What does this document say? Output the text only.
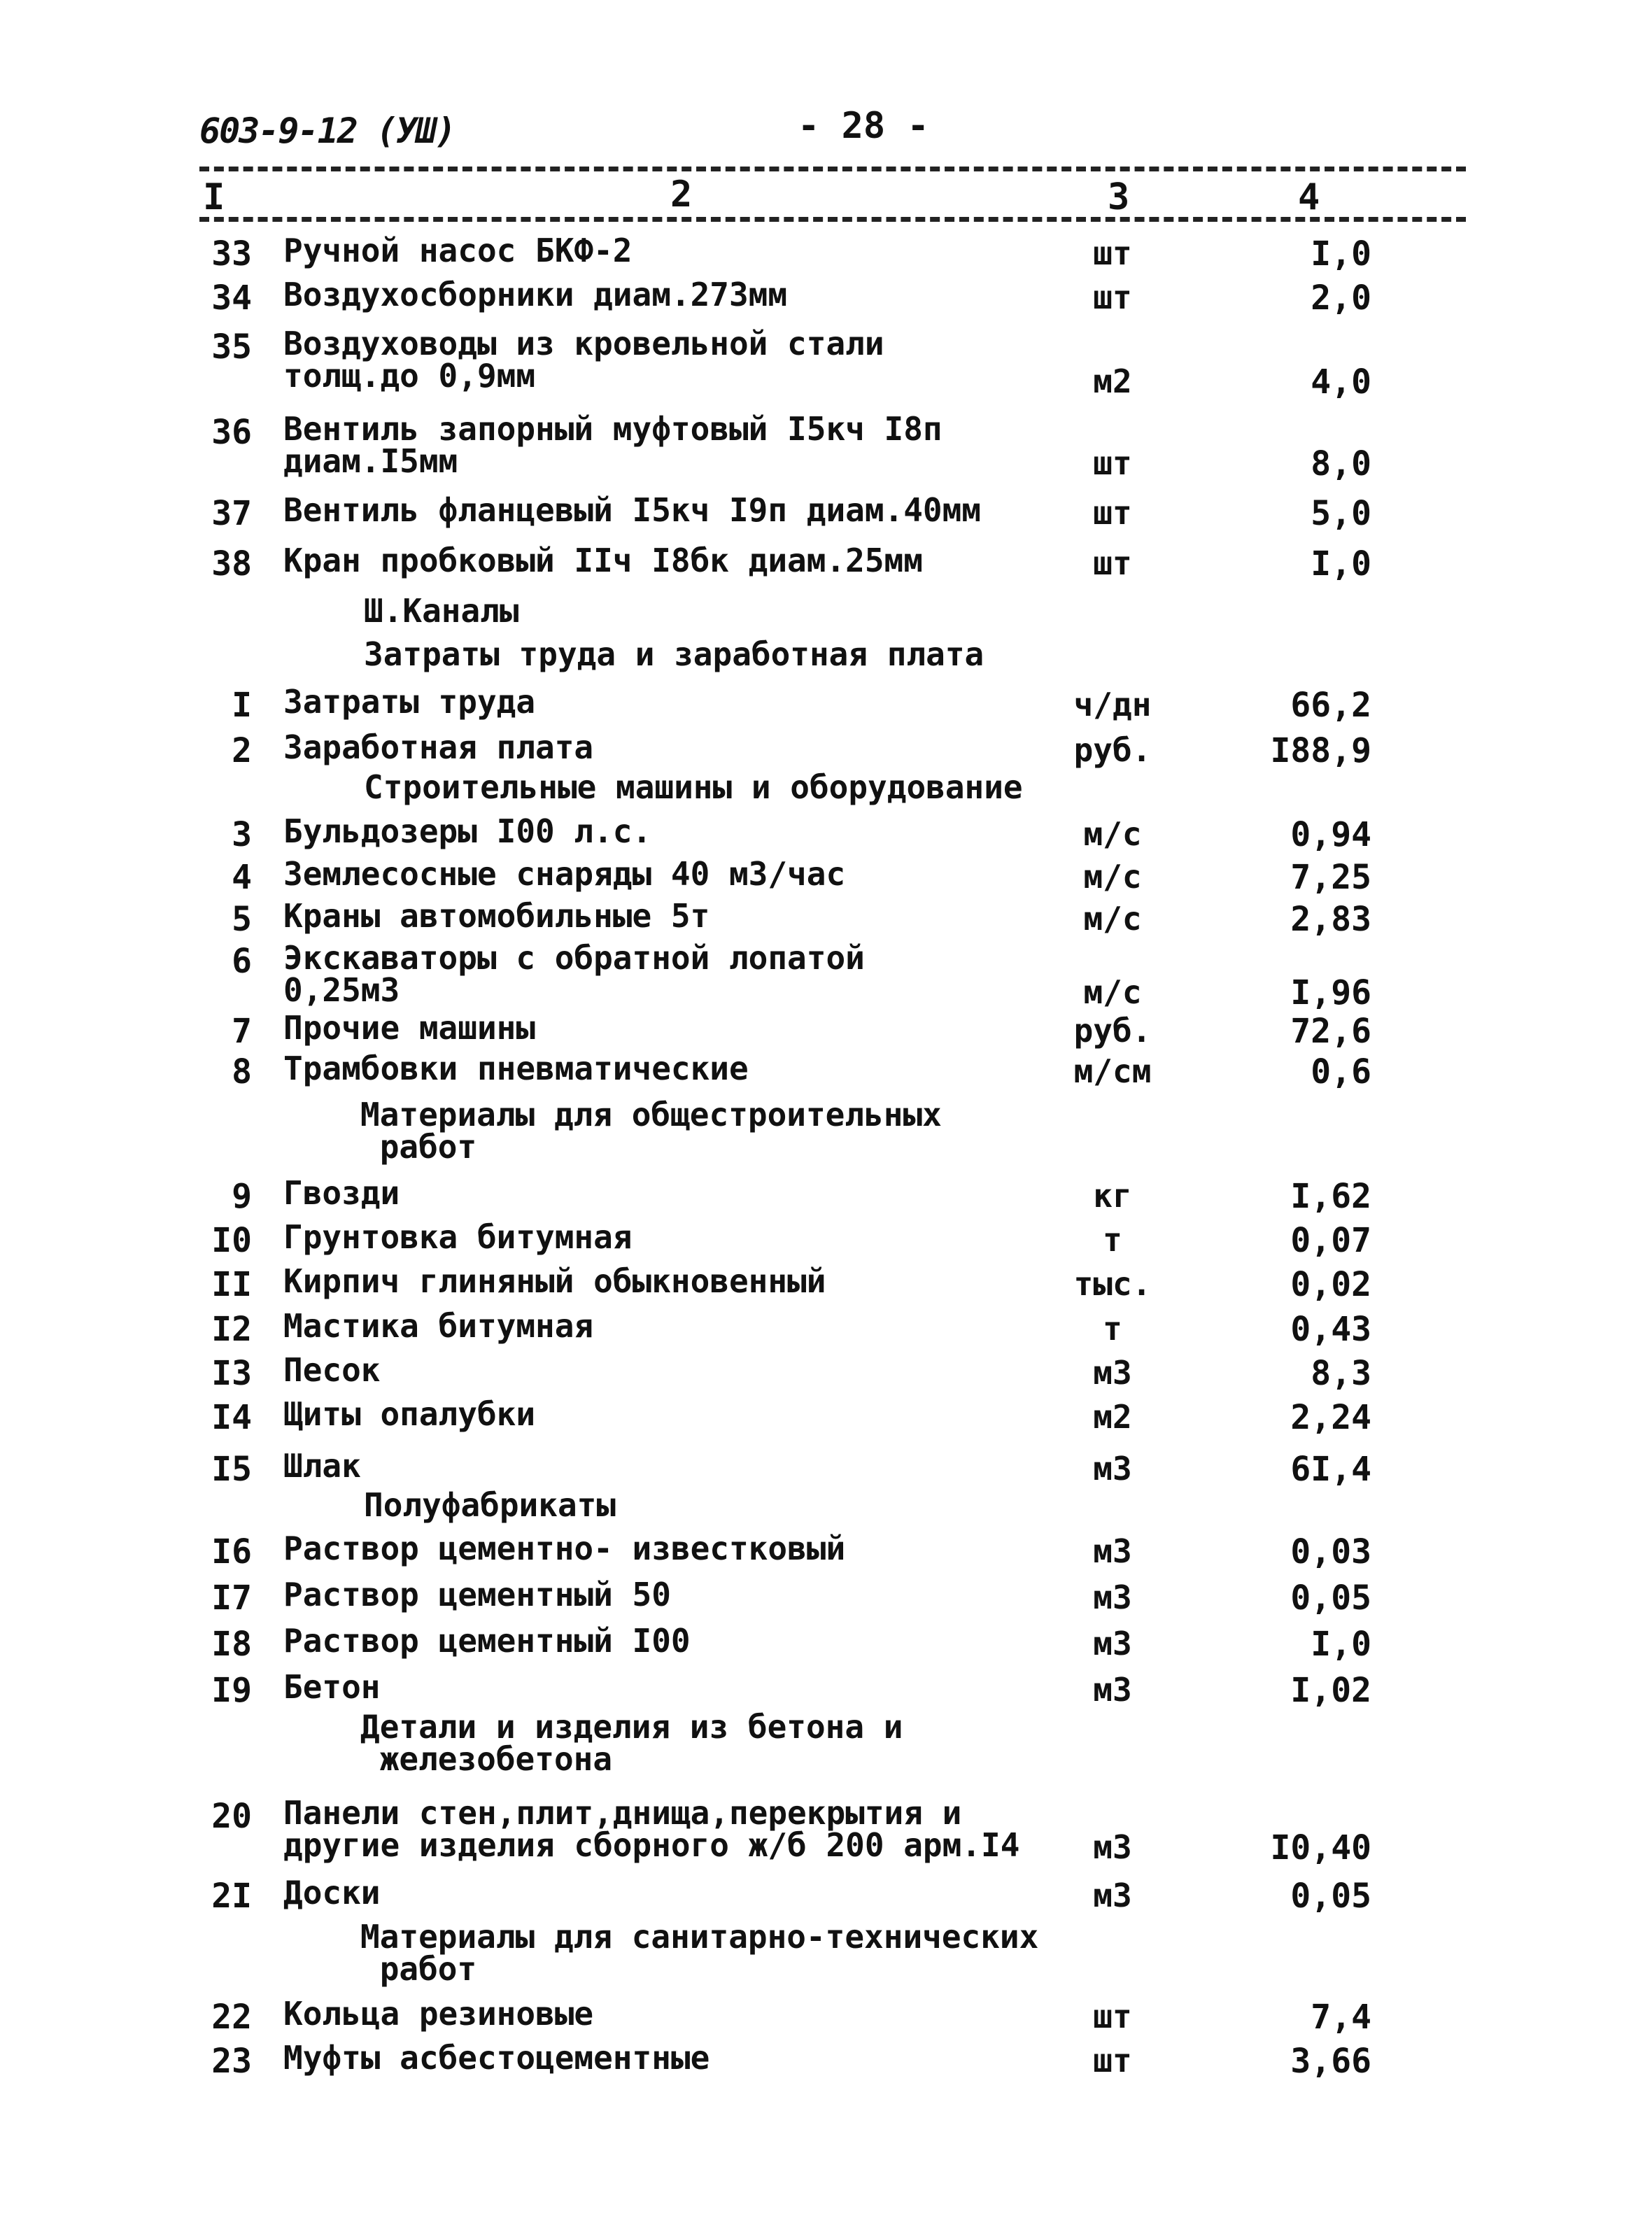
603-9-12 (УШ)	- 28 -
I	2	3	4
33 Ручной насос БКФ-2	шт	I,0
34 Воздухосборники диам.273мм	шт	2,0
35 Воздуховоды из кровельной стали
толщ.до 0,9мм	м2	4,0
36 Вентиль запорный муфтовый I5кч I8п
диам.I5мм	шт	8,0
37 Вентиль фланцевый I5кч I9п диам.40мм	шт	5,0
38 Кран пробковый IIч I8бк диам.25мм	шт	I,0
Ш.Каналы
Затраты труда и заработная плата
I Затраты труда	ч/дн	66,2
2 Заработная плата	руб.	I88,9
Строительные машины и оборудование
3 Бульдозеры I00 л.с.	м/с	0,94
4 Землесосные снаряды 40 м3/час	м/с	7,25
5 Краны автомобильные 5т	м/с	2,83
6 Экскаваторы с обратной лопатой
0,25м3	м/с	I,96
7 Прочие машины	руб.	72,6
8 Трамбовки пневматические	м/см	0,6
Материалы для общестроительных
работ
9 Гвозди	кг	I,62
I0 Грунтовка битумная	т	0,07
II Кирпич глиняный обыкновенный	тыс.	0,02
I2 Мастика битумная	т	0,43
I3 Песок	м3	8,3
I4 Щиты опалубки	м2	2,24
I5 Шлак	м3	6I,4
Полуфабрикаты
I6 Раствор цементно- известковый	м3	0,03
I7 Раствор цементный 50	м3	0,05
I8 Раствор цементный I00	м3	I,0
I9 Бетон	м3	I,02
Детали и изделия из бетона и
железобетона
20 Панели стен,плит,днища,перекрытия и
другие изделия сборного ж/б 200 арм.I4	м3	I0,40
2I Доски	м3	0,05
Материалы для санитарно-технических
работ
22 Кольца резиновые	шт	7,4
23 Муфты асбестоцементные	шт	3,66
